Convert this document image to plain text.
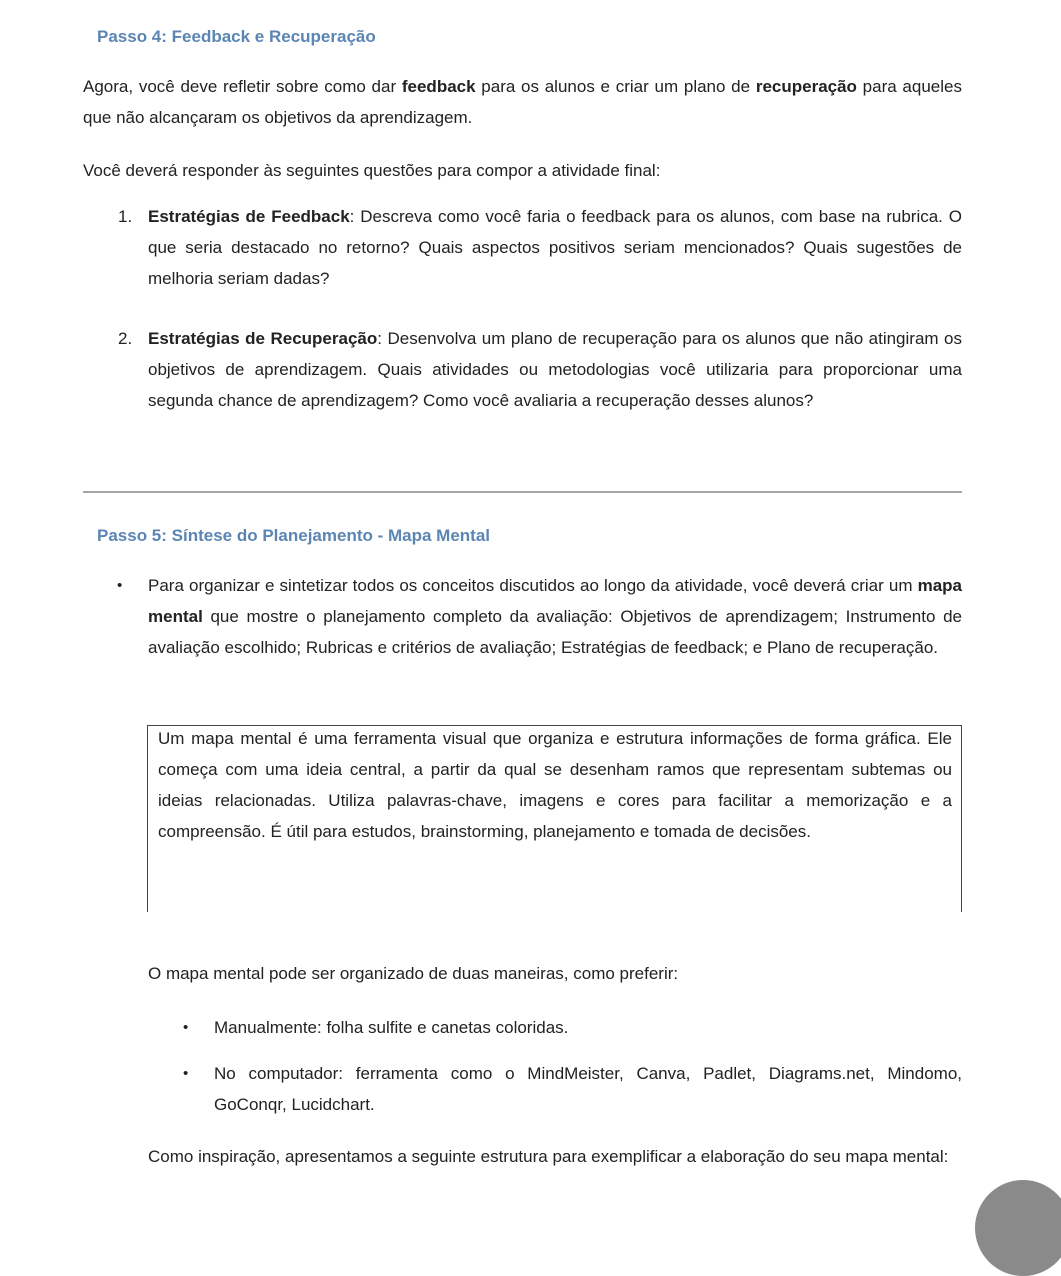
Passo 4: Feedback e Recuperação

Agora, você deve refletir sobre como dar feedback para os alunos e criar um plano de recuperação para aqueles que não alcançaram os objetivos da aprendizagem.

Você deverá responder às seguintes questões para compor a atividade final:

1. Estratégias de Feedback: Descreva como você faria o feedback para os alunos, com base na rubrica. O que seria destacado no retorno? Quais aspectos positivos seriam mencionados? Quais sugestões de melhoria seriam dadas?

2. Estratégias de Recuperação: Desenvolva um plano de recuperação para os alunos que não atingiram os objetivos de aprendizagem. Quais atividades ou metodologias você utilizaria para proporcionar uma segunda chance de aprendizagem? Como você avaliaria a recuperação desses alunos?

Passo 5: Síntese do Planejamento - Mapa Mental
• Para organizar e sintetizar todos os conceitos discutidos ao longo da atividade, você deverá criar um mapa mental que mostre o planejamento completo da avaliação: Objetivos de aprendizagem; Instrumento de avaliação escolhido; Rubricas e critérios de avaliação; Estratégias de feedback; e Plano de recuperação.

Um mapa mental é uma ferramenta visual que organiza e estrutura informações de forma gráfica. Ele começa com uma ideia central, a partir da qual se desenham ramos que representam subtemas ou ideias relacionadas. Utiliza palavras-chave, imagens e cores para facilitar a memorização e a compreensão. É útil para estudos, brainstorming, planejamento e tomada de decisões.

O mapa mental pode ser organizado de duas maneiras, como preferir:

• Manualmente: folha sulfite e canetas coloridas.

• No computador: ferramenta como o MindMeister, Canva, Padlet, Diagrams.net, Mindomo, GoConqr, Lucidchart.

Como inspiração, apresentamos a seguinte estrutura para exemplificar a elaboração do seu mapa mental:
